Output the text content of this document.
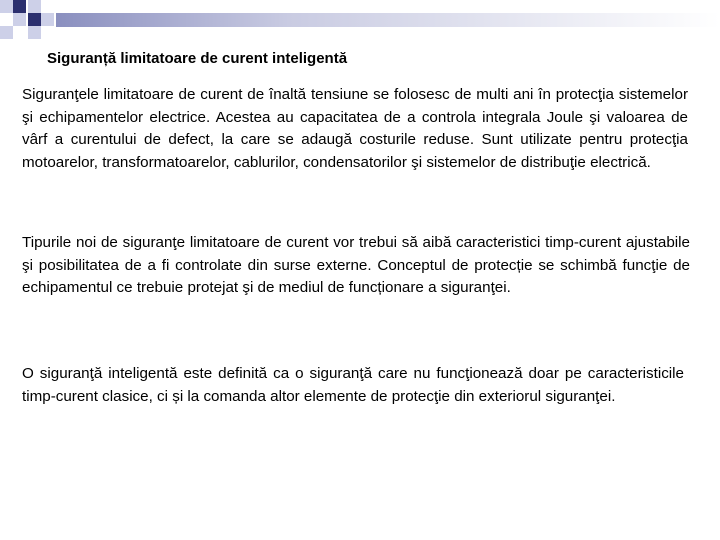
Siguranță limitatoare de curent inteligentă
Siguranţele limitatoare de curent de înaltă tensiune se folosesc de multi ani în protecţia sistemelor şi echipamentelor electrice. Acestea au capacitatea de a controla integrala Joule şi valoarea de vârf a curentului de defect, la care se adaugă costurile reduse. Sunt utilizate pentru protecţia motoarelor, transformatoarelor, cablurilor, condensatorilor şi sistemelor de distribuţie electrică.
Tipurile noi de siguranţe limitatoare de curent vor trebui să aibă caracteristici timp-curent ajustabile şi posibilitatea de a fi controlate din surse externe. Conceptul de protecție se schimbă funcţie de echipamentul ce trebuie protejat şi de mediul de funcționare a siguranţei.
O siguranţă inteligentă este definită ca o siguranţă care nu funcţionează doar pe caracteristicile timp-curent clasice, ci și la comanda altor elemente de protecţie din exteriorul siguranţei.
